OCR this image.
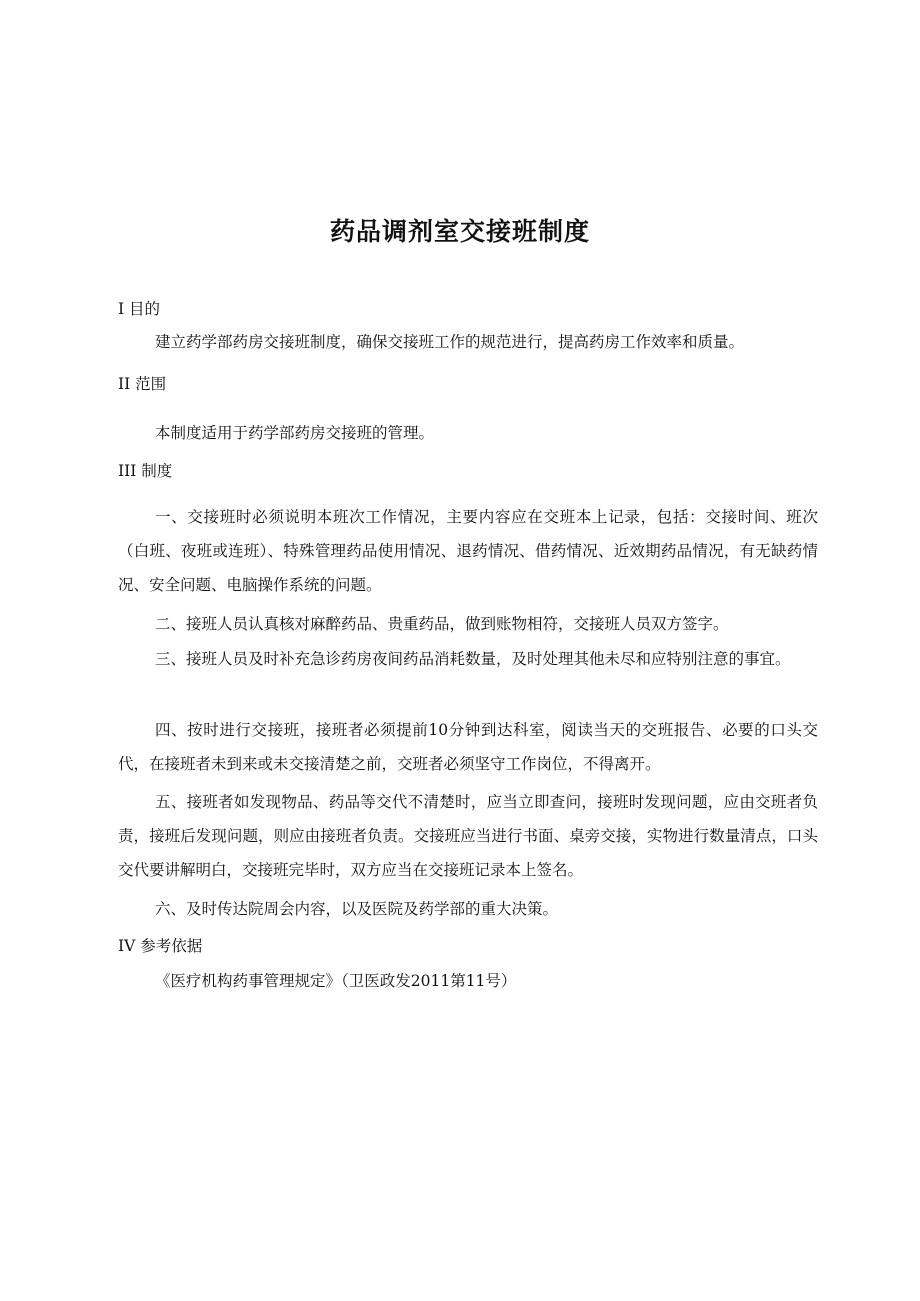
药品调剂室交接班制度
I 目的

建立药学部药房交接班制度，确保交接班工作的规范进行，提高药房工作效率和质量。

II 范围

本制度适用于药学部药房交接班的管理。

III 制度

一、交接班时必须说明本班次工作情况，主要内容应在交班本上记录，包括：交接时间、班次（白班、夜班或连班）、特殊管理药品使用情况、退药情况、借药情况、近效期药品情况，有无缺药情况、安全问题、电脑操作系统的问题。

二、接班人员认真核对麻醉药品、贵重药品，做到账物相符，交接班人员双方签字。

三、接班人员及时补充急诊药房夜间药品消耗数量，及时处理其他未尽和应特别注意的事宜。

四、按时进行交接班，接班者必须提前10分钟到达科室，阅读当天的交班报告、必要的口头交代，在接班者未到来或未交接清楚之前，交班者必须坚守工作岗位，不得离开。

五、接班者如发现物品、药品等交代不清楚时，应当立即查问，接班时发现问题，应由交班者负责，接班后发现问题，则应由接班者负责。交接班应当进行书面、桌旁交接，实物进行数量清点，口头交代要讲解明白，交接班完毕时，双方应当在交接班记录本上签名。

六、及时传达院周会内容，以及医院及药学部的重大决策。

IV 参考依据

《医疗机构药事管理规定》（卫医政发2011第11号）
